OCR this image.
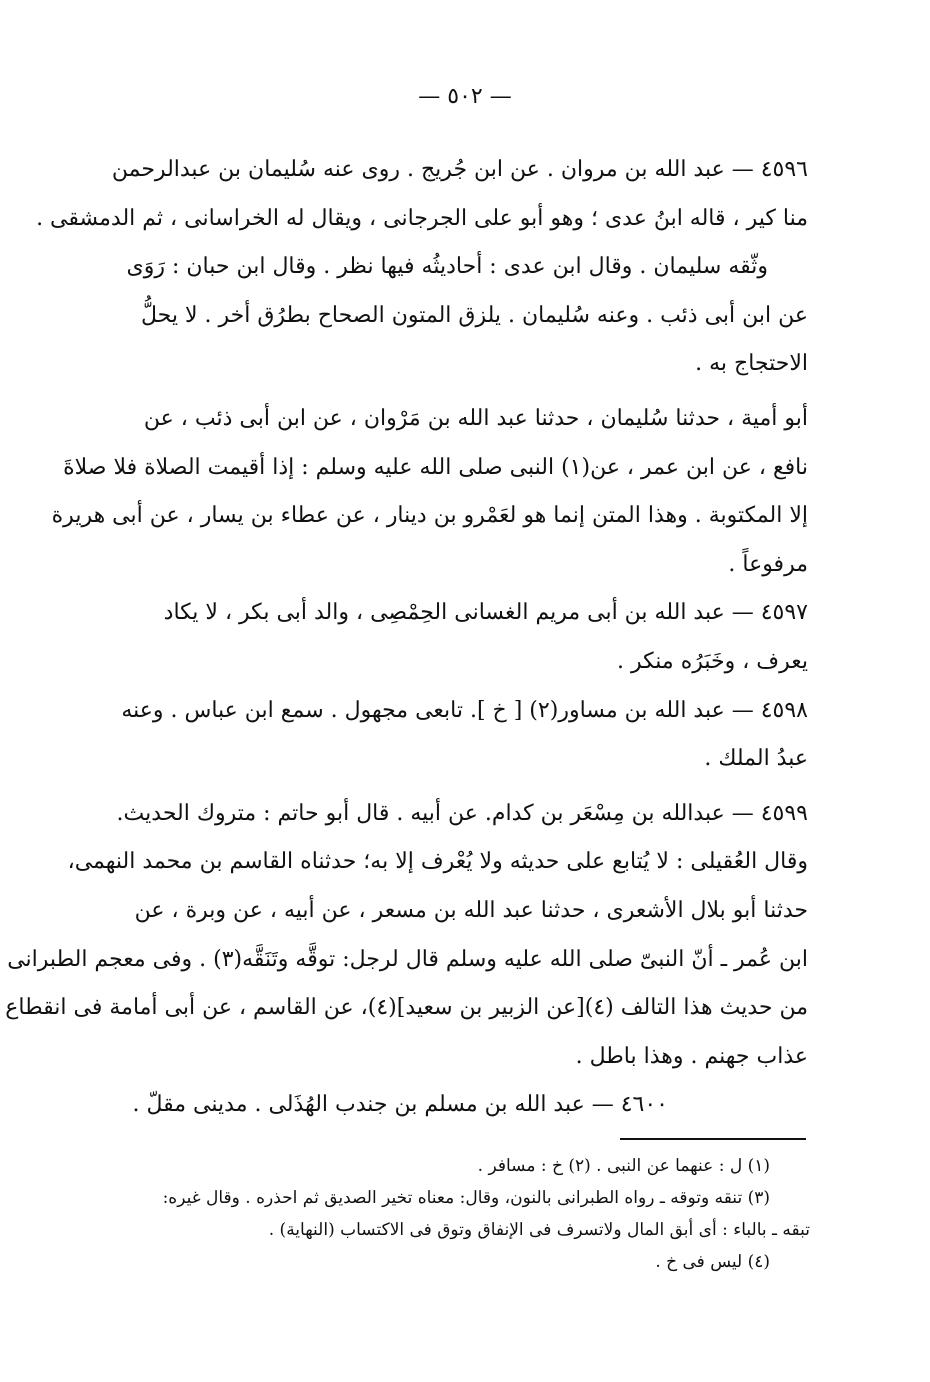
— ٥٠٢ —
٤٥٩٦ — عبد الله بن مروان . عن ابن جُريج . روى عنه سُليمان بن عبدالرحمن
منا كير ، قاله ابنُ عدى ؛ وهو أبو على الجرجانى ، ويقال له الخراسانى ، ثم الدمشقى .
وثّقه سليمان . وقال ابن عدى : أحاديثُه فيها نظر . وقال ابن حبان : رَوَى
عن ابن أبى ذئب . وعنه سُليمان . يلزق المتون الصحاح بطرُق أخر . لا يحلُّ
الاحتجاج به .
أبو أمية ، حدثنا سُليمان ، حدثنا عبد الله بن مَرْوان ، عن ابن أبى ذئب ، عن
نافع ، عن ابن عمر ، عن(١) النبى صلى الله عليه وسلم : إذا أقيمت الصلاة فلا صلاةَ
إلا المكتوبة . وهذا المتن إنما هو لعَمْرو بن دينار ، عن عطاء بن يسار ، عن أبى هريرة
مرفوعاً .
٤٥٩٧ — عبد الله بن أبى مريم الغسانى الحِمْصِى ، والد أبى بكر ، لا يكاد
يعرف ، وخَبَرُه منكر .
٤٥٩٨ — عبد الله بن مساور(٢) [ خ ]. تابعى مجهول . سمع ابن عباس . وعنه
عبدُ الملك .
٤٥٩٩ — عبدالله بن مِسْعَر بن كدام. عن أبيه . قال أبو حاتم : متروك الحديث.
وقال العُقيلى : لا يُتابع على حديثه ولا يُعْرف إلا به؛ حدثناه القاسم بن محمد النهمى،
حدثنا أبو بلال الأشعرى ، حدثنا عبد الله بن مسعر ، عن أبيه ، عن وبرة ، عن
ابن عُمر ـ أنّ النبىّ صلى الله عليه وسلم قال لرجل: توقَّه وتَنَقَّه(٣) . وفى معجم الطبرانى
من حديث هذا التالف (٤)[عن الزبير بن سعيد](٤)، عن القاسم ، عن أبى أمامة فى انقطاع
عذاب جهنم . وهذا باطل .
٤٦٠٠ — عبد الله بن مسلم بن جندب الهُذَلى . مدينى مقلّ .
(١) ل : عنهما عن النبى . (٢) خ : مسافر .
(٣) تنقه وتوقه ـ رواه الطبرانى بالنون، وقال: معناه تخير الصديق ثم احذره . وقال غيره:
تبقه ـ بالباء : أى أبق المال ولاتسرف فى الإنفاق وتوق فى الاكتساب (النهاية) .
(٤) ليس فى خ .
